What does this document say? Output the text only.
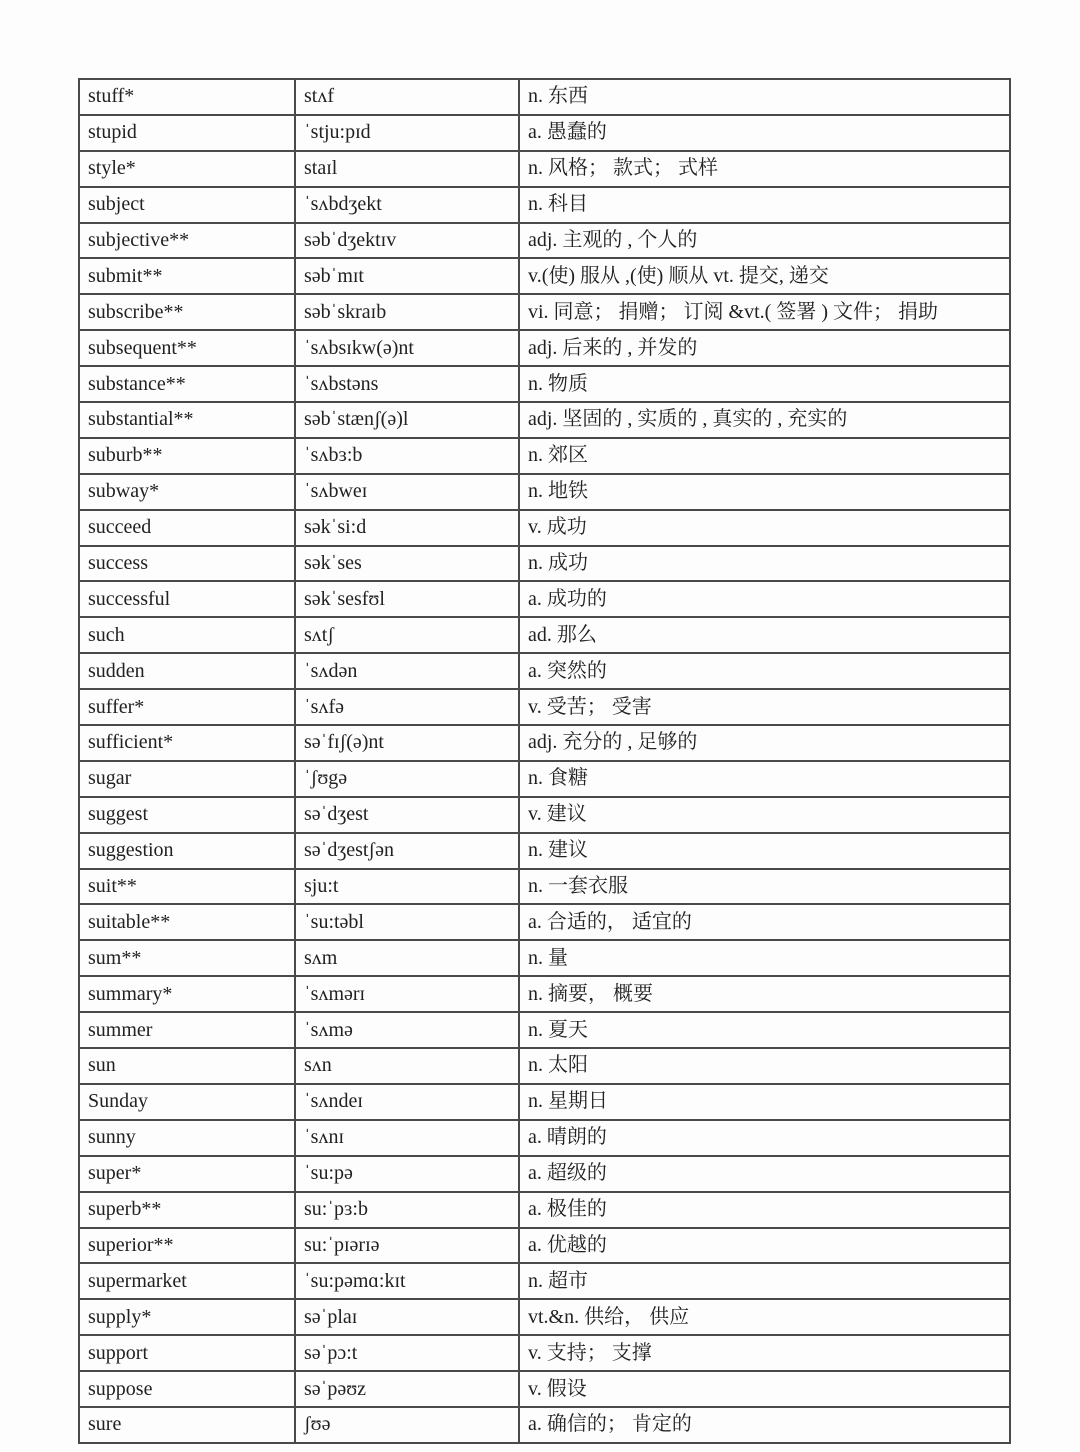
stuff*	stʌf	n. 东西
stupid	ˈstju:pɪd	a. 愚蠢的
style*	staɪl	n. 风格； 款式； 式样
subject	ˈsʌbdʒekt	n. 科目
subjective**	səbˈdʒektɪv	adj. 主观的 , 个人的
submit**	səbˈmɪt	v.(使) 服从 ,(使) 顺从 vt. 提交, 递交
subscribe**	səbˈskraɪb	vi. 同意； 捐赠； 订阅 &vt.( 签署 ) 文件； 捐助
subsequent**	ˈsʌbsɪkw(ə)nt	adj. 后来的 , 并发的
substance**	ˈsʌbstəns	n. 物质
substantial**	səbˈstænʃ(ə)l	adj. 坚固的 , 实质的 , 真实的 , 充实的
suburb**	ˈsʌbɜ:b	n. 郊区
subway*	ˈsʌbweɪ	n. 地铁
succeed	səkˈsi:d	v. 成功
success	səkˈses	n. 成功
successful	səkˈsesfʊl	a. 成功的
such	sʌtʃ	ad. 那么
sudden	ˈsʌdən	a. 突然的
suffer*	ˈsʌfə	v. 受苦； 受害
sufficient*	səˈfɪʃ(ə)nt	adj. 充分的 , 足够的
sugar	ˈʃʊgə	n. 食糖
suggest	səˈdʒest	v. 建议
suggestion	səˈdʒestʃən	n. 建议
suit**	sju:t	n. 一套衣服
suitable**	ˈsu:təbl	a. 合适的， 适宜的
sum**	sʌm	n. 量
summary*	ˈsʌmərɪ	n. 摘要， 概要
summer	ˈsʌmə	n. 夏天
sun	sʌn	n. 太阳
Sunday	ˈsʌndeɪ	n. 星期日
sunny	ˈsʌnɪ	a. 晴朗的
super*	ˈsu:pə	a. 超级的
superb**	su:ˈpɜ:b	a. 极佳的
superior**	su:ˈpɪərɪə	a. 优越的
supermarket	ˈsu:pəmɑ:kɪt	n. 超市
supply*	səˈplaɪ	vt.&n. 供给， 供应
support	səˈpɔ:t	v. 支持； 支撑
suppose	səˈpəʊz	v. 假设
sure	ʃʊə	a. 确信的； 肯定的
